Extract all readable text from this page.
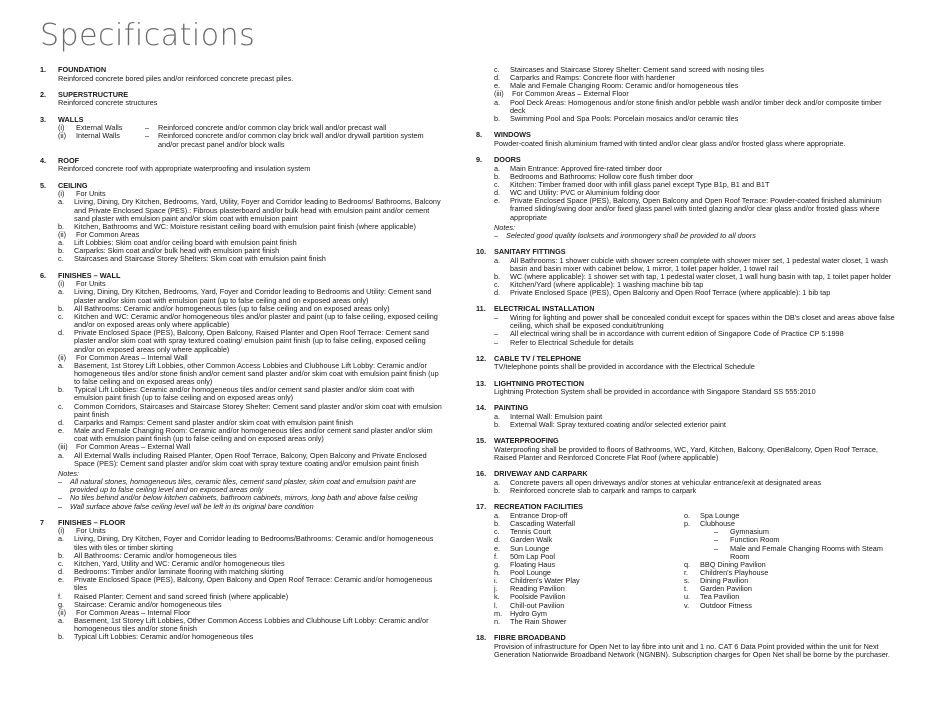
Specifications
1.	FOUNDATION
Reinforced concrete bored piles and/or reinforced concrete precast piles.
2.	SUPERSTRUCTURE
Reinforced concrete structures
3.	WALLS
(i)	External Walls	–	Reinforced concrete and/or common clay brick wall and/or precast wall
(ii)	Internal Walls	–	Reinforced concrete and/or common clay brick wall and/or drywall partition system and/or precast panel and/or block walls
4.	ROOF
Reinforced concrete roof with appropriate waterproofing and insulation system
5.	CEILING
(i)	For Units
a.	Living, Dining, Dry Kitchen, Bedrooms, Yard, Utility, Foyer and Corridor leading to Bedrooms/ Bathrooms, Balcony and Private Enclosed Space (PES).: Fibrous plasterboard and/or bulk head with emulsion paint and/or cement sand plaster with emulsion paint and/or skim coat with emulsion paint
b.	Kitchen, Bathrooms and WC: Moisture resistant ceiling board with emulsion paint finish (where applicable)
(ii)	For Common Areas
a.	Lift Lobbies: Skim coat and/or ceiling board with emulsion paint finish
b.	Carparks: Skim coat and/or bulk head with emulsion paint finish
c.	Staircases and Staircase Storey Shelters: Skim coat with emulsion paint finish
6.	FINISHES – WALL
(i)	For Units
a.	Living, Dining, Dry Kitchen, Bedrooms, Yard, Foyer and Corridor leading to Bedrooms and Utility: Cement sand plaster and/or skim coat with emulsion paint (up to false ceiling and on exposed areas only)
b.	All Bathrooms: Ceramic and/or homogeneous tiles (up to false ceiling and on exposed areas only)
c.	Kitchen and WC: Ceramic and/or homogeneous tiles and/or plaster and paint (up to false ceiling, exposed ceiling and/or on exposed areas only where applicable)
d.	Private Enclosed Space (PES), Balcony, Open Balcony, Raised Planter and Open Roof Terrace: Cement sand plaster and/or skim coat with spray textured coating/ emulsion paint finish (up to false ceiling, exposed ceiling and/or on exposed areas only where applicable)
(ii)	For Common Areas – Internal Wall
a.	Basement, 1st Storey Lift Lobbies, other Common Access Lobbies and Clubhouse Lift Lobby: Ceramic and/or homogeneous tiles and/or stone finish and/or cement sand plaster and/or skim coat with emulsion paint finish (up to false ceiling and on exposed areas only)
b.	Typical Lift Lobbies: Ceramic and/or homogeneous tiles and/or cement sand plaster and/or skim coat with emulsion paint finish (up to false ceiling and on exposed areas only)
c.	Common Corridors, Staircases and Staircase Storey Shelter: Cement sand plaster and/or skim coat with emulsion paint finish
d.	Carparks and Ramps: Cement sand plaster and/or skim coat with emulsion paint finish
e.	Male and Female Changing Room: Ceramic and/or homogeneous tiles and/or cement sand plaster and/or skim coat with emulsion paint finish (up to false ceiling and on exposed areas only)
(iii)	For Common Areas – External Wall
a.	All External Walls including Raised Planter, Open Roof Terrace, Balcony, Open Balcony and Private Enclosed Space (PES): Cement sand plaster and/or skim coat with spray texture coating and/or emulsion paint finish
Notes:
–	All natural stones, homogeneous tiles, ceramic tiles, cement sand plaster, skim coat and emulsion paint are provided up to false ceiling level and on exposed areas only
–	No tiles behind and/or below kitchen cabinets, bathroom cabinets, mirrors, long bath and above false ceiling
–	Wall surface above false ceiling level will be left in its original bare condition
7	FINISHES – FLOOR
(i)	For Units
a.	Living, Dining, Dry Kitchen, Foyer and Corridor leading to Bedrooms/Bathrooms: Ceramic and/or homogeneous tiles with tiles or timber skirting
b.	All Bathrooms: Ceramic and/or homogeneous tiles
c.	Kitchen, Yard, Utility and WC: Ceramic and/or homogeneous tiles
d.	Bedrooms: Timber and/or laminate flooring with matching skirting
e.	Private Enclosed Space (PES), Balcony, Open Balcony and Open Roof Terrace: Ceramic and/or homogeneous tiles
f.	Raised Planter: Cement and sand screed finish (where applicable)
g.	Staircase: Ceramic and/or homogeneous tiles
(ii)	For Common Areas – Internal Floor
a.	Basement, 1st Storey Lift Lobbies, Other Common Access Lobbies and Clubhouse Lift Lobby: Ceramic and/or homogeneous tiles and/or stone finish
b.	Typical Lift Lobbies: Ceramic and/or homogeneous tiles
c.	Staircases and Staircase Storey Shelter: Cement sand screed with nosing tiles
d.	Carparks and Ramps: Concrete floor with hardener
e.	Male and Female Changing Room: Ceramic and/or homogeneous tiles
(iii)	For Common Areas – External Floor
a.	Pool Deck Areas: Homogenous and/or stone finish and/or pebble wash and/or timber deck and/or composite timber deck
b.	Swimming Pool and Spa Pools: Porcelain mosaics and/or ceramic tiles
8.	WINDOWS
Powder-coated finish aluminium framed with tinted and/or clear glass and/or frosted glass where appropriate.
9.	DOORS
a.	Main Entrance: Approved fire-rated timber door
b.	Bedrooms and Bathrooms: Hollow core flush timber door
c.	Kitchen: Timber framed door with infill glass panel except Type B1p, B1 and B1T
d.	WC and Utility: PVC or Aluminium folding door
e.	Private Enclosed Space (PES), Balcony, Open Balcony and Open Roof Terrace: Powder-coated finished aluminium framed sliding/swing door and/or fixed glass panel with tinted glazing and/or clear glass and/or frosted glass where appropriate
Notes:
–	Selected good quality locksets and ironmongery shall be provided to all doors
10.	SANITARY FITTINGS
a.	All Bathrooms: 1 shower cubicle with shower screen complete with shower mixer set, 1 pedestal water closet, 1 wash basin and basin mixer with cabinet below, 1 mirror, 1 toilet paper holder, 1 towel rail
b.	WC (where applicable): 1 shower set with tap, 1 pedestal water closet, 1 wall hung basin with tap, 1 toilet paper holder
c.	Kitchen/Yard (where applicable): 1 washing machine bib tap
d.	Private Enclosed Space (PES), Open Balcony and Open Roof Terrace (where applicable): 1 bib tap
11.	ELECTRICAL INSTALLATION
–	Wiring for lighting and power shall be concealed conduit except for spaces within the DB's closet and areas above false ceiling, which shall be exposed conduit/trunking
–	All electrical wiring shall be in accordance with current edition of Singapore Code of Practice CP 5:1998
–	Refer to Electrical Schedule for details
12.	CABLE TV / TELEPHONE
TV/telephone points shall be provided in accordance with the Electrical Schedule
13.	LIGHTNING PROTECTION
Lightning Protection System shall be provided in accordance with Singapore Standard SS 555:2010
14.	PAINTING
a.	Internal Wall: Emulsion paint
b.	External Wall: Spray textured coating and/or selected exterior paint
15.	WATERPROOFING
Waterproofing shall be provided to floors of Bathrooms, WC, Yard, Kitchen, Balcony, OpenBalcony, Open Roof Terrace, Raised Planter and Reinforced Concrete Flat Roof (where applicable)
16.	DRIVEWAY AND CARPARK
a.	Concrete pavers all open driveways and/or stones at vehicular entrance/exit at designated areas
b.	Reinforced concrete slab to carpark and ramps to carpark
17.	RECREATION FACILITIES
a.	Entrance Drop-off
b.	Cascading Waterfall
c.	Tennis Court
d.	Garden Walk
e.	Sun Lounge
f.	50m Lap Pool
g.	Floating Haus
h.	Pool Lounge
i.	Children's Water Play
j.	Reading Pavilion
k.	Poolside Pavilion
l.	Chill-out Pavilion
m.	Hydro Gym
n.	The Rain Shower
o.	Spa Lounge
p.	Clubhouse
–	Gymnasium
–	Function Room
–	Male and Female Changing Rooms with Steam Room
q.	BBQ Dining Pavilion
r.	Children's Playhouse
s.	Dining Pavilion
t.	Garden Pavilion
u.	Tea Pavilion
v.	Outdoor Fitness
18.	FIBRE BROADBAND
Provision of infrastructure for Open Net to lay fibre into unit and 1 no. CAT 6 Data Point provided within the unit for Next Generation Nationwide Broadband Network (NGNBN). Subscription charges for Open Net shall be borne by the purchaser.
